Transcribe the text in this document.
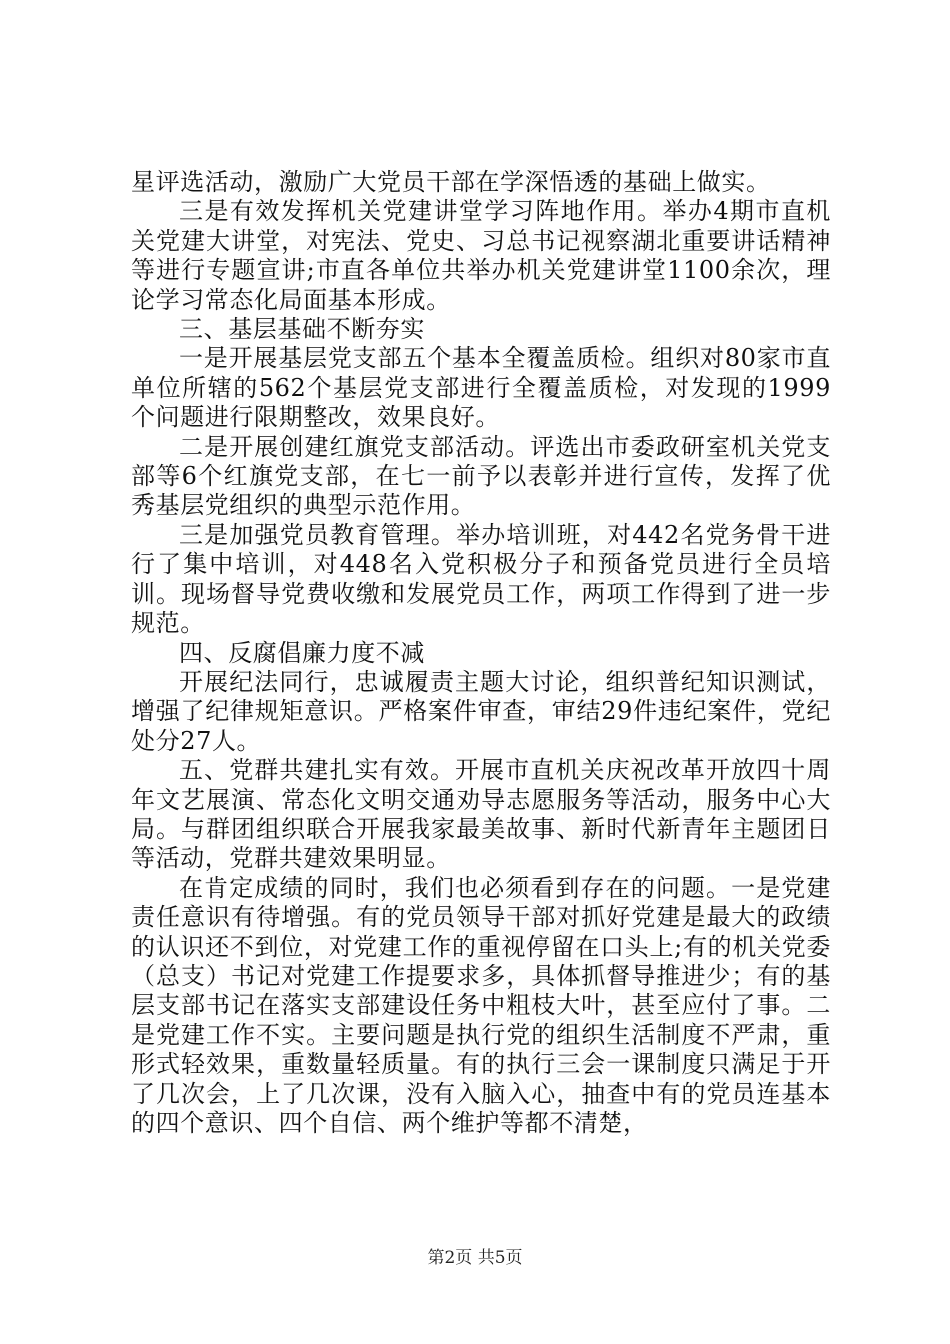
星评选活动，激励广大党员干部在学深悟透的基础上做实。

三是有效发挥机关党建讲堂学习阵地作用。举办4期市直机关党建大讲堂，对宪法、党史、习总书记视察湖北重要讲话精神等进行专题宣讲;市直各单位共举办机关党建讲堂1100余次，理论学习常态化局面基本形成。

三、基层基础不断夯实

一是开展基层党支部五个基本全覆盖质检。组织对80家市直单位所辖的562个基层党支部进行全覆盖质检，对发现的1999个问题进行限期整改，效果良好。

二是开展创建红旗党支部活动。评选出市委政研室机关党支部等6个红旗党支部，在七一前予以表彰并进行宣传，发挥了优秀基层党组织的典型示范作用。

三是加强党员教育管理。举办培训班，对442名党务骨干进行了集中培训，对448名入党积极分子和预备党员进行全员培训。现场督导党费收缴和发展党员工作，两项工作得到了进一步规范。

四、反腐倡廉力度不减

开展纪法同行，忠诚履责主题大讨论，组织普纪知识测试，增强了纪律规矩意识。严格案件审查，审结29件违纪案件，党纪处分27人。

五、党群共建扎实有效。开展市直机关庆祝改革开放四十周年文艺展演、常态化文明交通劝导志愿服务等活动，服务中心大局。与群团组织联合开展我家最美故事、新时代新青年主题团日等活动，党群共建效果明显。

在肯定成绩的同时，我们也必须看到存在的问题。一是党建责任意识有待增强。有的党员领导干部对抓好党建是最大的政绩的认识还不到位，对党建工作的重视停留在口头上;有的机关党委（总支）书记对党建工作提要求多，具体抓督导推进少；有的基层支部书记在落实支部建设任务中粗枝大叶，甚至应付了事。二是党建工作不实。主要问题是执行党的组织生活制度不严肃，重形式轻效果，重数量轻质量。有的执行三会一课制度只满足于开了几次会，上了几次课，没有入脑入心，抽查中有的党员连基本的四个意识、四个自信、两个维护等都不清楚，

第2页 共5页
